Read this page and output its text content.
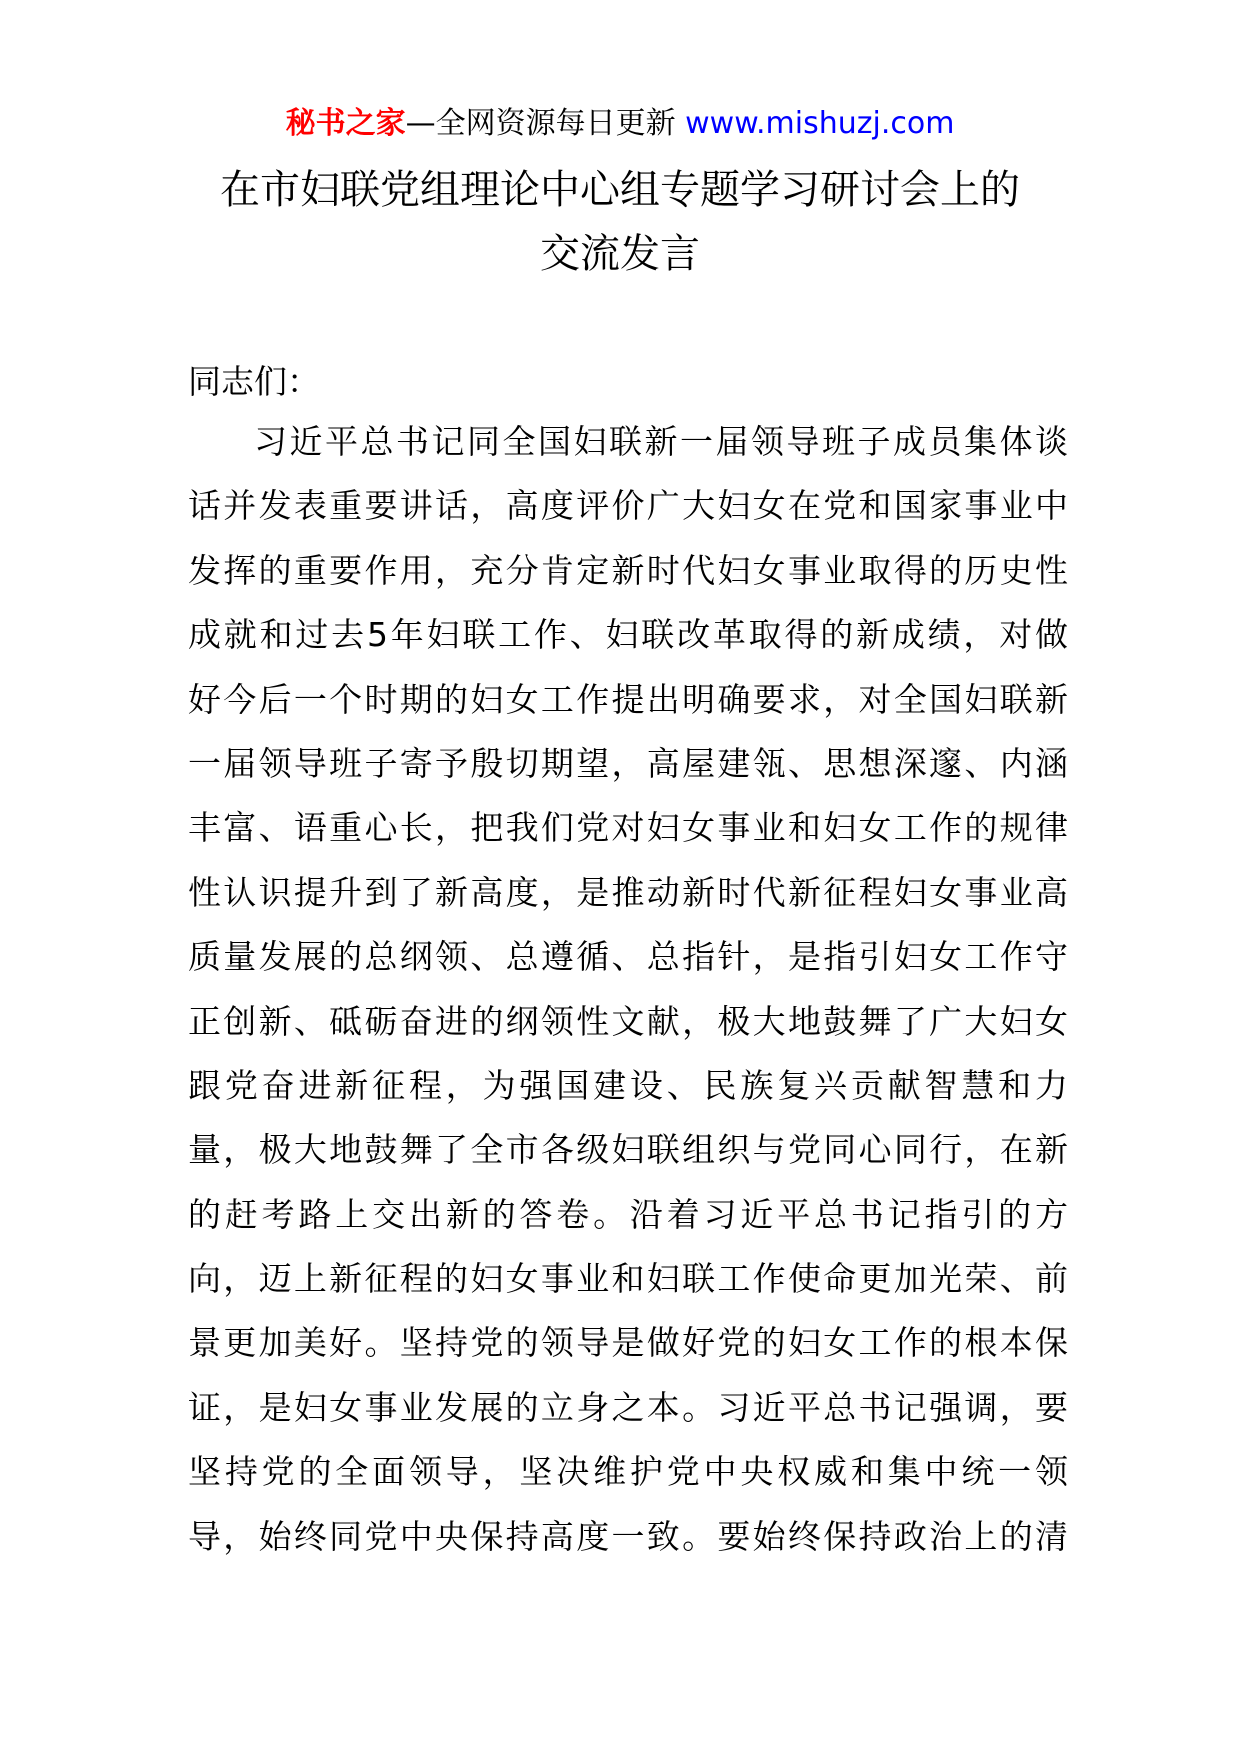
秘书之家—全网资源每日更新 www.mishuzj.com
在市妇联党组理论中心组专题学习研讨会上的
交流发言

同志们：

习近平总书记同全国妇联新一届领导班子成员集体谈
话并发表重要讲话，高度评价广大妇女在党和国家事业中
发挥的重要作用，充分肯定新时代妇女事业取得的历史性
成就和过去5年妇联工作、妇联改革取得的新成绩，对做
好今后一个时期的妇女工作提出明确要求，对全国妇联新
一届领导班子寄予殷切期望，高屋建瓴、思想深邃、内涵
丰富、语重心长，把我们党对妇女事业和妇女工作的规律
性认识提升到了新高度，是推动新时代新征程妇女事业高
质量发展的总纲领、总遵循、总指针，是指引妇女工作守
正创新、砥砺奋进的纲领性文献，极大地鼓舞了广大妇女
跟党奋进新征程，为强国建设、民族复兴贡献智慧和力
量，极大地鼓舞了全市各级妇联组织与党同心同行，在新
的赶考路上交出新的答卷。沿着习近平总书记指引的方
向，迈上新征程的妇女事业和妇联工作使命更加光荣、前
景更加美好。坚持党的领导是做好党的妇女工作的根本保
证，是妇女事业发展的立身之本。习近平总书记强调，要
坚持党的全面领导，坚决维护党中央权威和集中统一领
导，始终同党中央保持高度一致。要始终保持政治上的清
